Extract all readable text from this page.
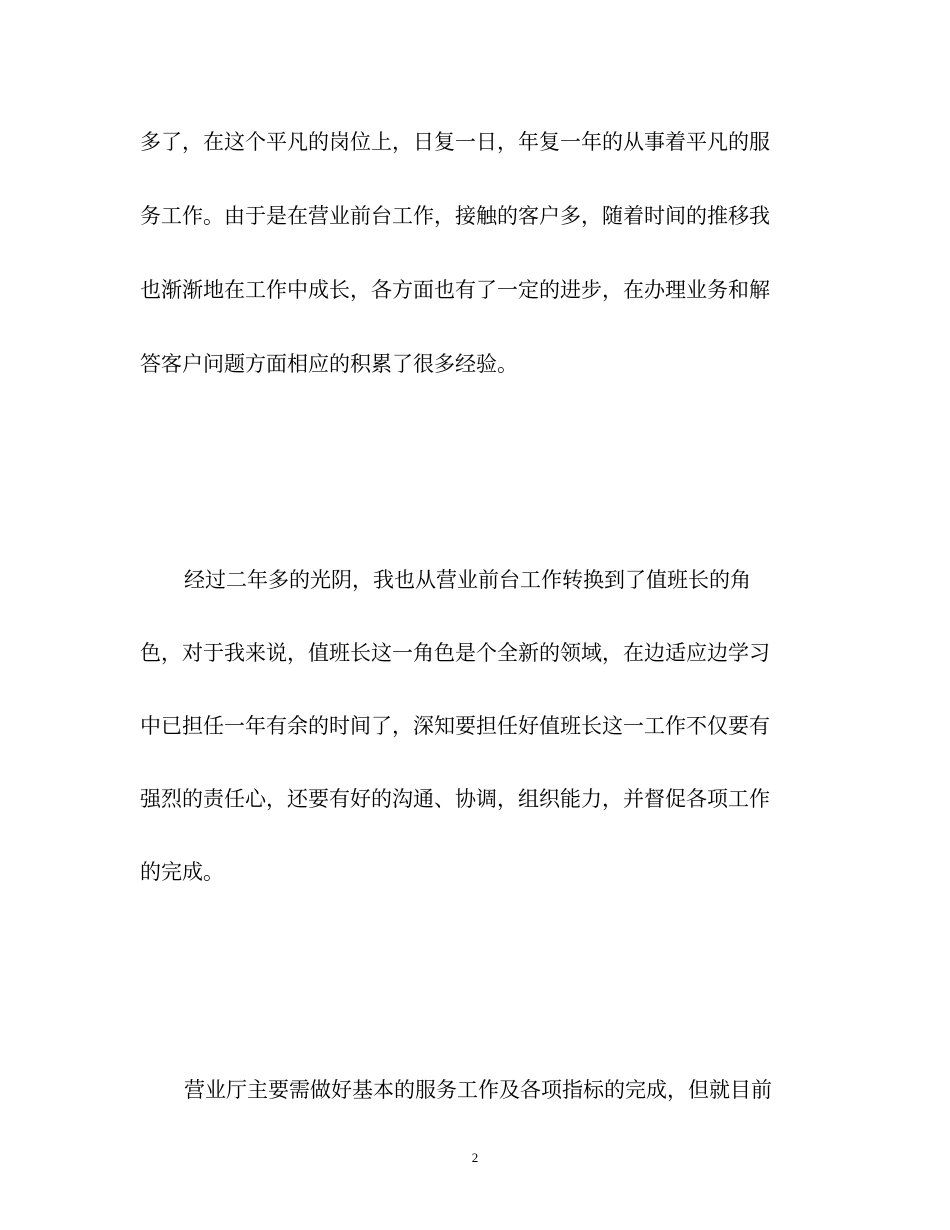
多了，在这个平凡的岗位上，日复一日，年复一年的从事着平凡的服
务工作。由于是在营业前台工作，接触的客户多，随着时间的推移我
也渐渐地在工作中成长，各方面也有了一定的进步，在办理业务和解
答客户问题方面相应的积累了很多经验。
经过二年多的光阴，我也从营业前台工作转换到了值班长的角
色，对于我来说，值班长这一角色是个全新的领域，在边适应边学习
中已担任一年有余的时间了，深知要担任好值班长这一工作不仅要有
强烈的责任心，还要有好的沟通、协调，组织能力，并督促各项工作
的完成。
营业厅主要需做好基本的服务工作及各项指标的完成，但就目前
2
